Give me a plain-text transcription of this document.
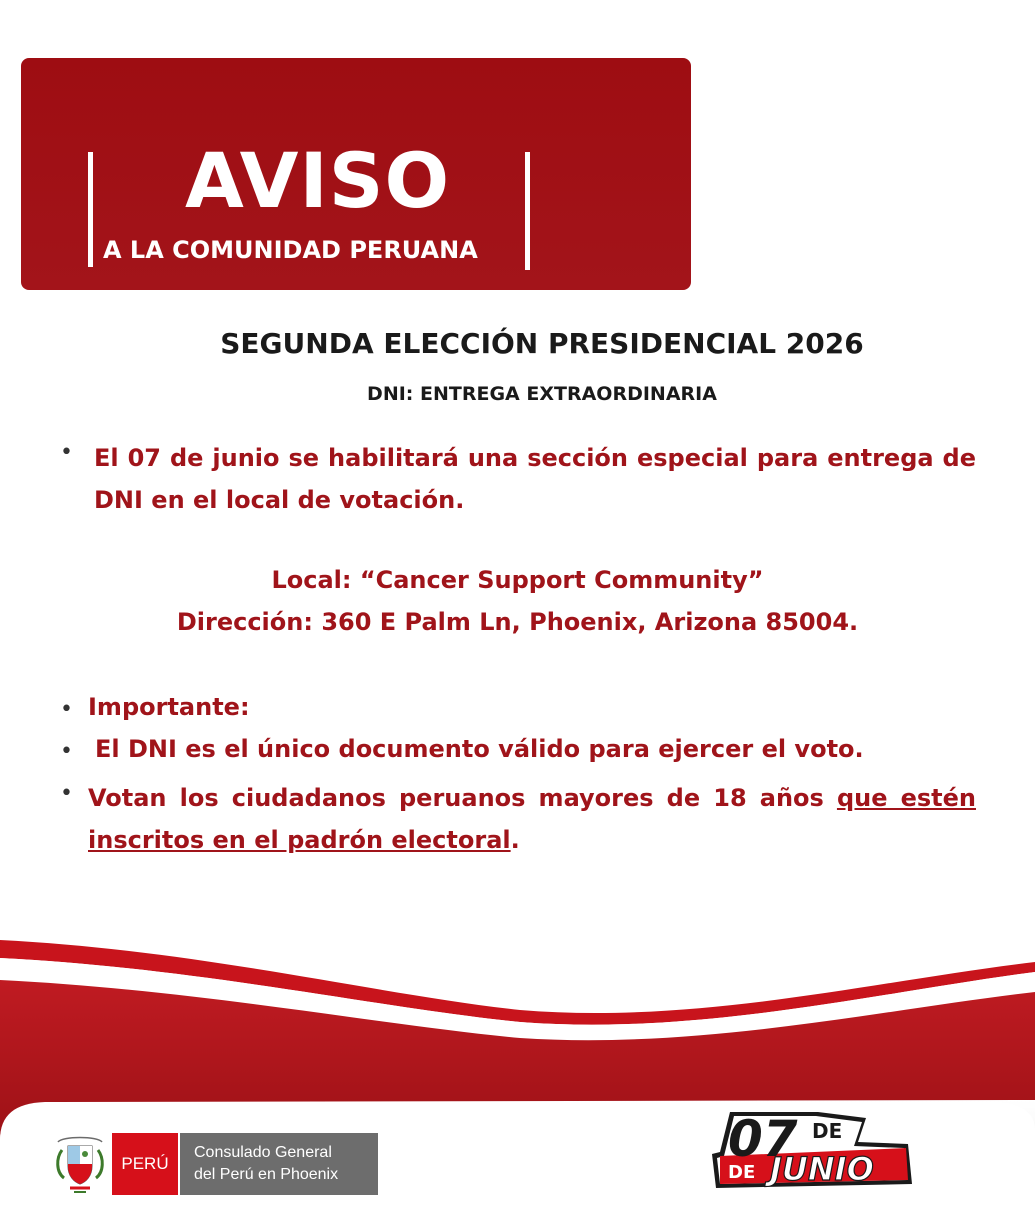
AVISO
A LA COMUNIDAD PERUANA
SEGUNDA ELECCIÓN PRESIDENCIAL 2026
DNI: ENTREGA EXTRAORDINARIA
• El 07 de junio se habilitará una sección especial para entrega de DNI en el local de votación.
Local: “Cancer Support Community”
Dirección: 360 E Palm Ln, Phoenix, Arizona 85004.
• Importante:
• El DNI es el único documento válido para ejercer el voto.
• Votan los ciudadanos peruanos mayores de 18 años que estén inscritos en el padrón electoral.
PERÚ
Consulado General
del Perú en Phoenix
07 DE
DE JUNIO
